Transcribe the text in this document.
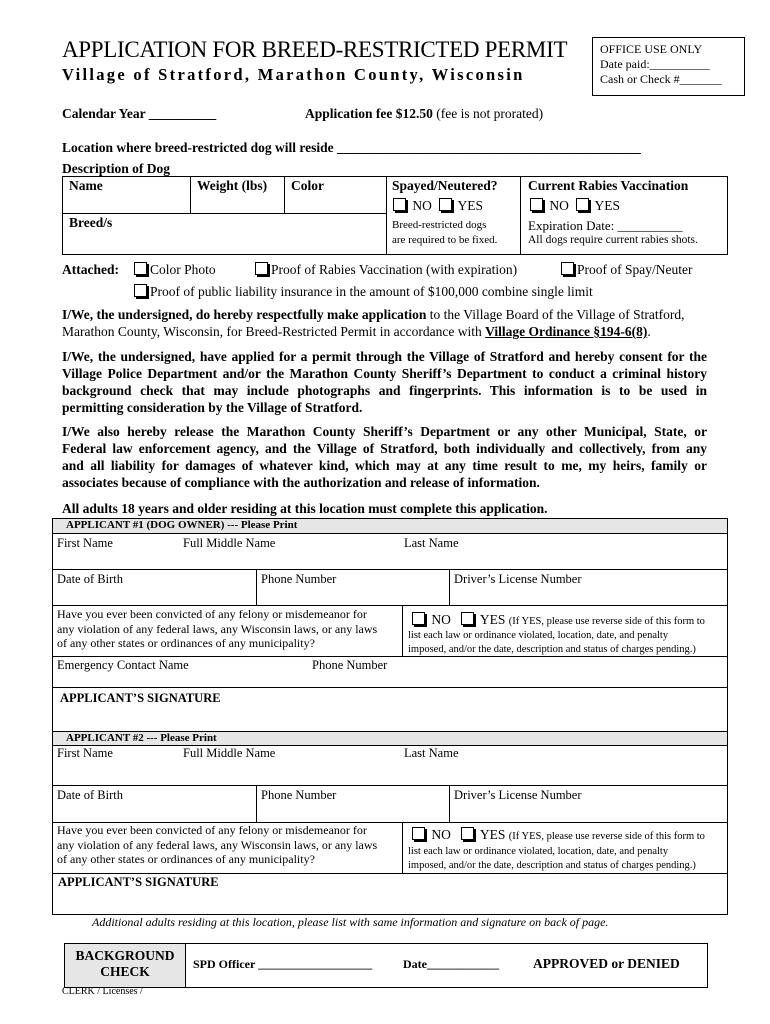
APPLICATION FOR BREED-RESTRICTED PERMIT
Village of Stratford, Marathon County, Wisconsin
OFFICE USE ONLY
Date paid:__________
Cash or Check #_______
Calendar Year __________	Application fee $12.50 (fee is not prorated)
Location where breed-restricted dog will reside _____________________________________________
Description of Dog
Name	Weight (lbs) Color
Breed/s
Spayed/Neutered?
NO YES
Breed-restricted dogs
are required to be fixed.
Current Rabies Vaccination
NO YES
Expiration Date: __________
All dogs require current rabies shots.
Attached:	Color Photo	Proof of Rabies Vaccination (with expiration)	Proof of Spay/Neuter
Proof of public liability insurance in the amount of $100,000 combine single limit
I/We, the undersigned, do hereby respectfully make application to the Village Board of the Village of Stratford,
Marathon County, Wisconsin, for Breed-Restricted Permit in accordance with Village Ordinance §194-6(8).
I/We, the undersigned, have applied for a permit through the Village of Stratford and hereby consent for the
Village Police Department and/or the Marathon County Sheriff’s Department to conduct a criminal history
background check that may include photographs and fingerprints. This information is to be used in
permitting consideration by the Village of Stratford.
I/We also hereby release the Marathon County Sheriff’s Department or any other Municipal, State, or
Federal law enforcement agency, and the Village of Stratford, both individually and collectively, from any
and all liability for damages of whatever kind, which may at any time result to me, my heirs, family or
associates because of compliance with the authorization and release of information.
All adults 18 years and older residing at this location must complete this application.
APPLICANT #1 (DOG OWNER) --- Please Print
First Name	Full Middle Name	Last Name
Date of Birth	Phone Number	Driver’s License Number
Have you ever been convicted of any felony or misdemeanor for
any violation of any federal laws, any Wisconsin laws, or any laws
of any other states or ordinances of any municipality?
NO YES (If YES, please use reverse side of this form to
list each law or ordinance violated, location, date, and penalty
imposed, and/or the date, description and status of charges pending.)
Emergency Contact Name	Phone Number
APPLICANT’S SIGNATURE
APPLICANT #2 --- Please Print
First Name	Full Middle Name	Last Name
Date of Birth	Phone Number	Driver’s License Number
Have you ever been convicted of any felony or misdemeanor for
any violation of any federal laws, any Wisconsin laws, or any laws
of any other states or ordinances of any municipality?
NO YES (If YES, please use reverse side of this form to
list each law or ordinance violated, location, date, and penalty
imposed, and/or the date, description and status of charges pending.)
APPLICANT’S SIGNATURE
Additional adults residing at this location, please list with same information and signature on back of page.
BACKGROUND
CHECK	SPD Officer ___________________	Date____________	APPROVED or DENIED
CLERK / Licenses /
